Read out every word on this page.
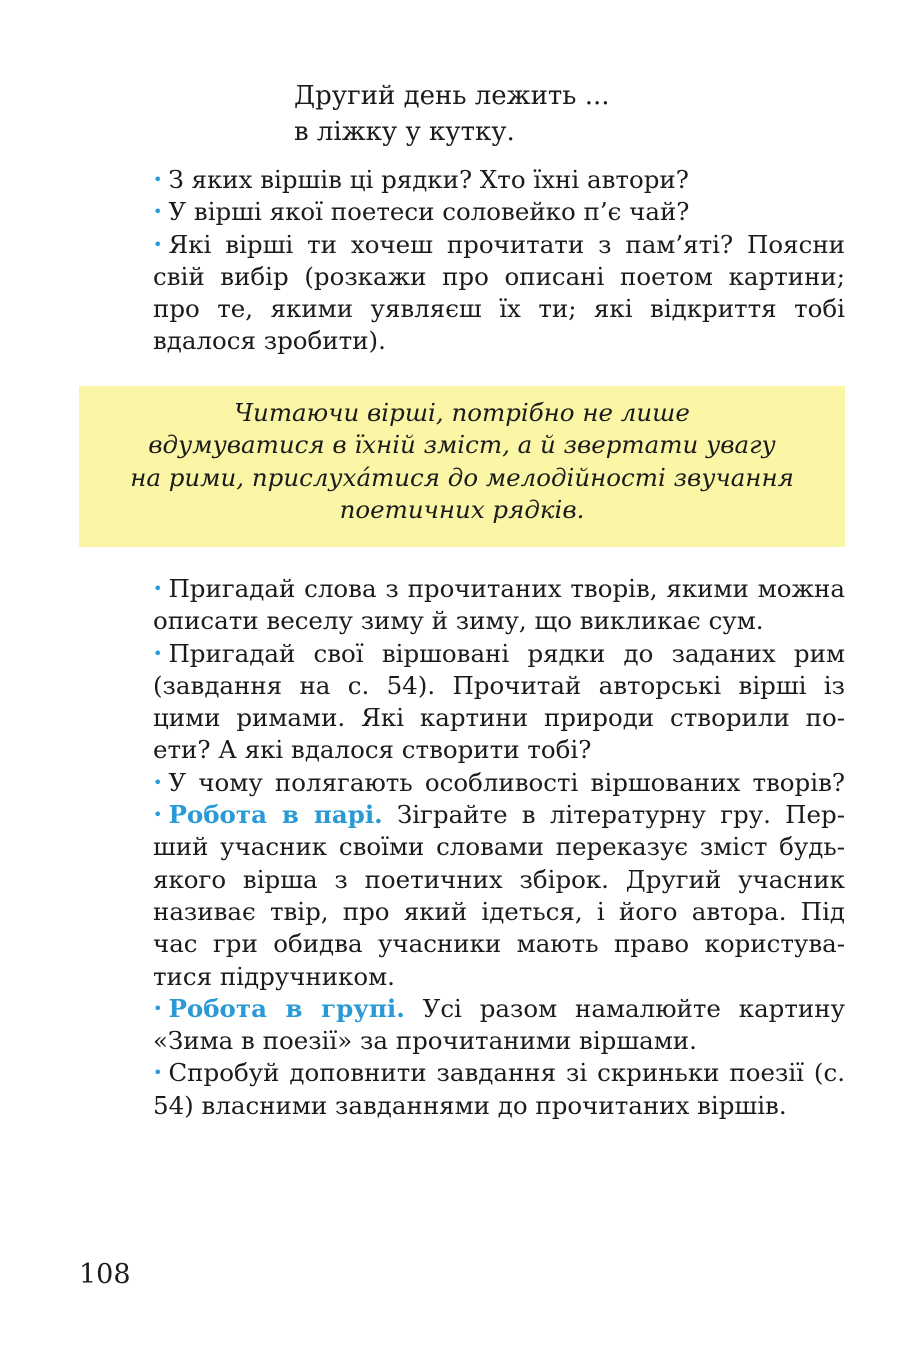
Другий день лежить ...
в ліжку у кутку.

• З яких віршів ці рядки? Хто їхні автори?

• У вірші якої поетеси соловейко п’є чай?

• Які вірші ти хочеш прочитати з пам’яті? Поясни свій вибір (розкажи про описані поетом картини; про те, якими уявляєш їх ти; які відкриття тобі вдалося зробити).

Читаючи вірші, потрібно не лише
вдумуватися в їхній зміст, а й звертати увагу
на рими, прислуха́тися до мелодійності звучання
поетичних рядків.

• Пригадай слова з прочитаних творів, якими можна описати веселу зиму й зиму, що викликає сум.

• Пригадай свої віршовані рядки до заданих рим (завдання на с. 54). Прочитай авторські вірші із цими римами. Які картини природи створили поети? А які вдалося створити тобі?

• У чому полягають особливості віршованих творів?

• Робота в парі. Зіграйте в літературну гру. Перший учасник своїми словами переказує зміст будь-якого вірша з поетичних збірок. Другий учасник називає твір, про який ідеться, і його автора. Під час гри обидва учасники мають право користуватися підручником.

• Робота в групі. Усі разом намалюйте картину «Зима в поезії» за прочитаними віршами.

• Спробуй доповнити завдання зі скриньки поезії (с. 54) власними завданнями до прочитаних віршів.

108
